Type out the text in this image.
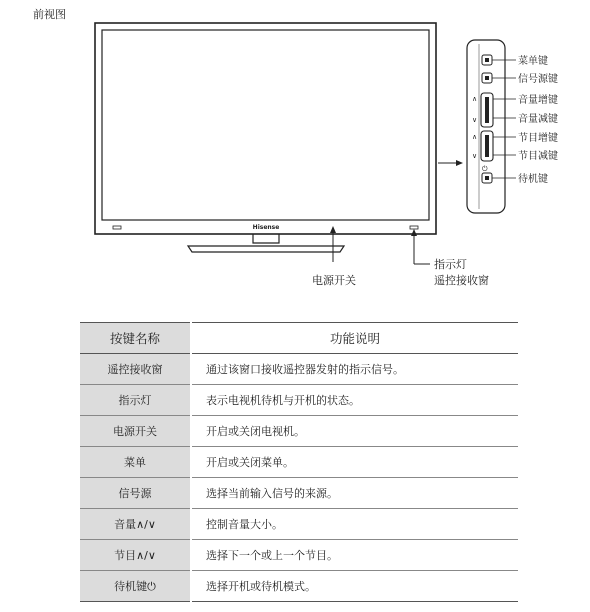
前视图
Hisense
电源开关
指示灯
遥控接收窗
菜单键
信号源键
∧
∨
音量增键
音量减键
∧
∨
节目增键
节目减键
⏻
待机键
按键名称	功能说明
遥控接收窗	通过该窗口接收遥控器发射的指示信号。
指示灯	表示电视机待机与开机的状态。
电源开关	开启或关闭电视机。
菜单	开启或关闭菜单。
信号源	选择当前输入信号的来源。
音量∧/∨	控制音量大小。
节目∧/∨	选择下一个或上一个节目。
待机键⏻	选择开机或待机模式。
